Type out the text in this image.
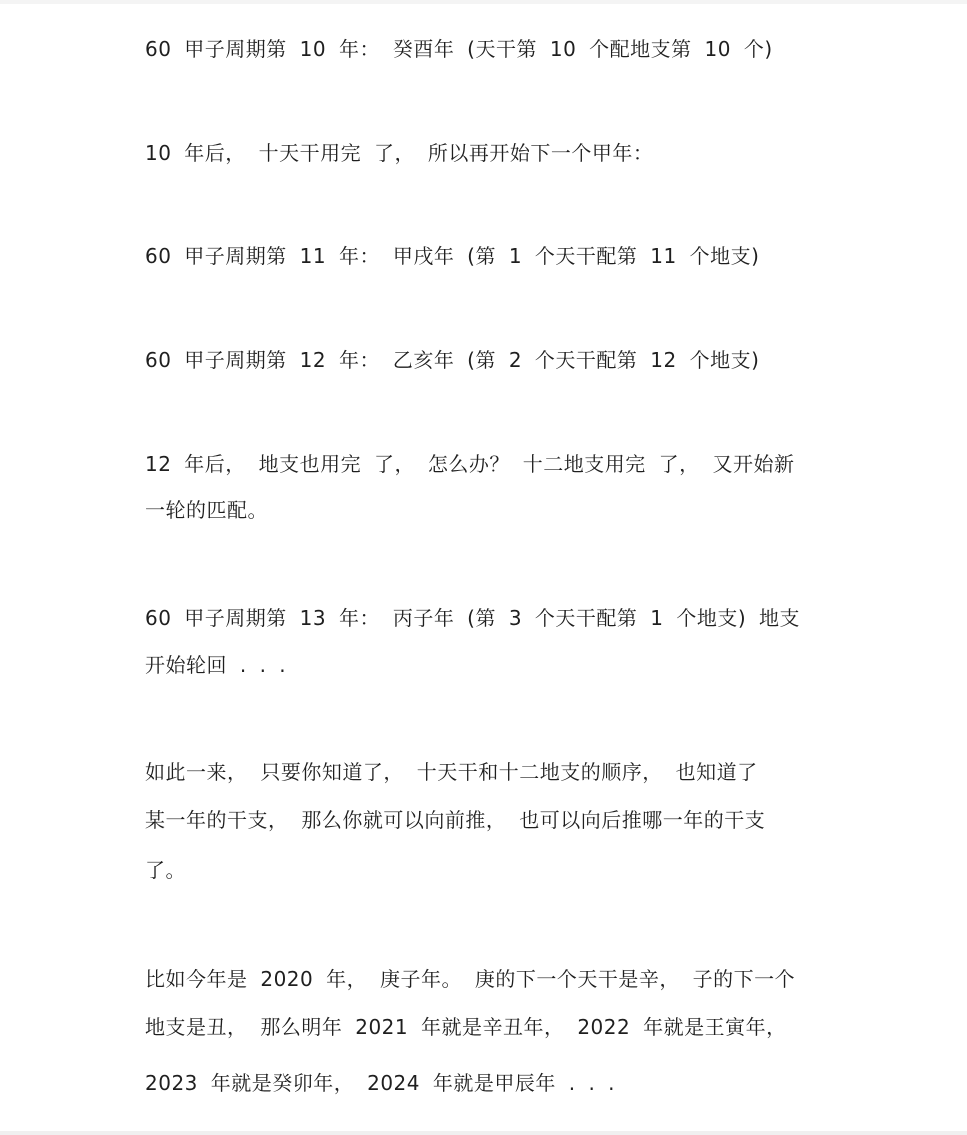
60 甲子周期第 10 年： 癸酉年 (天干第 10 个配地支第 10 个)
10 年后， 十天干用完 了， 所以再开始下一个甲年：
60 甲子周期第 11 年： 甲戌年 (第 1 个天干配第 11 个地支)
60 甲子周期第 12 年： 乙亥年 (第 2 个天干配第 12 个地支)
12 年后， 地支也用完 了， 怎么办？ 十二地支用完 了， 又开始新
一轮的匹配。
60 甲子周期第 13 年： 丙子年 (第 3 个天干配第 1 个地支) 地支
开始轮回 . . .
如此一来， 只要你知道了， 十天干和十二地支的顺序， 也知道了
某一年的干支， 那么你就可以向前推， 也可以向后推哪一年的干支
了。
比如今年是 2020 年， 庚子年。 庚的下一个天干是辛， 子的下一个
地支是丑， 那么明年 2021 年就是辛丑年， 2022 年就是王寅年，
2023 年就是癸卯年， 2024 年就是甲辰年 . . .
